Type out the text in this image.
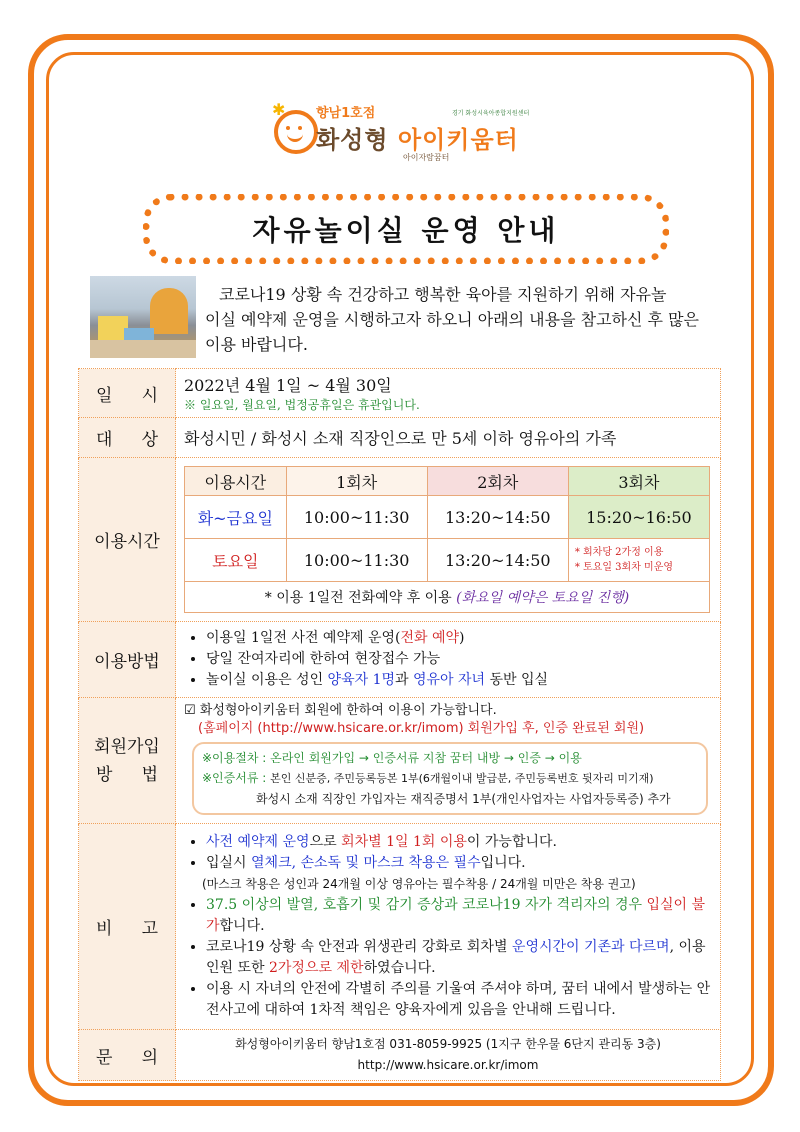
✱ 향남1호점	경기 화성시육아종합지원센터
화성형 아이키움터
아이자람꿈터
자유놀이실 운영 안내
코로나19 상황 속 건강하고 행복한 육아를 지원하기 위해 자유놀
이실 예약제 운영을 시행하고자 하오니 아래의 내용을 참고하신 후 많은 이용 바랍니다.
일 시	2022년 4월 1일 ~ 4월 30일
※ 일요일, 월요일, 법정공휴일은 휴관입니다.

대 상	화성시민 / 화성시 소재 직장인으로 만 5세 이하 영유아의 가족
이용시간	
이용시간	1회차	2회차	3회차
화~금요일	10:00~11:30	13:20~14:50	15:20~16:50
토요일	10:00~11:30	13:20~14:50	* 회차당 2가정 이용
* 토요일 3회차 미운영

* 이용 1일전 전화예약 후 이용 (화요일 예약은 토요일 진행)

이용방법	
• 이용일 1일전 사전 예약제 운영(전화 예약)
• 당일 잔여자리에 한하여 현장접수 가능
• 놀이실 이용은 성인 양육자 1명과 영유아 자녀 동반 입실

회원가입
방 법

☑ 화성형아이키움터 회원에 한하여 이용이 가능합니다.
(홈페이지 (http://www.hsicare.or.kr/imom) 회원가입 후, 인증 완료된 회원)
※이용절차 : 온라인 회원가입 → 인증서류 지참 꿈터 내방 → 인증 → 이용
※인증서류 : 본인 신분증, 주민등록등본 1부(6개월이내 발급분, 주민등록번호 뒷자리 미기재)
화성시 소재 직장인 가입자는 재직증명서 1부(개인사업자는 사업자등록증) 추가

비 고

• 사전 예약제 운영으로 회차별 1일 1회 이용이 가능합니다.
• 입실시 열체크, 손소독 및 마스크 착용은 필수입니다.
(마스크 착용은 성인과 24개월 이상 영유아는 필수착용 / 24개월 미만은 착용 권고)
• 37.5 이상의 발열, 호흡기 및 감기 증상과 코로나19 자가 격리자의 경우 입실이 불가합니다.
• 코로나19 상황 속 안전과 위생관리 강화로 회차별 운영시간이 기존과 다르며, 이용 인원 또한 2가정으로 제한하였습니다.
• 이용 시 자녀의 안전에 각별히 주의를 기울여 주셔야 하며, 꿈터 내에서 발생하는 안전사고에 대하여 1차적 책임은 양육자에게 있음을 안내해 드립니다.

문 의

화성형아이키움터 향남1호점 031-8059-9925 (1지구 한우물 6단지 관리동 3층)
http://www.hsicare.or.kr/imom
